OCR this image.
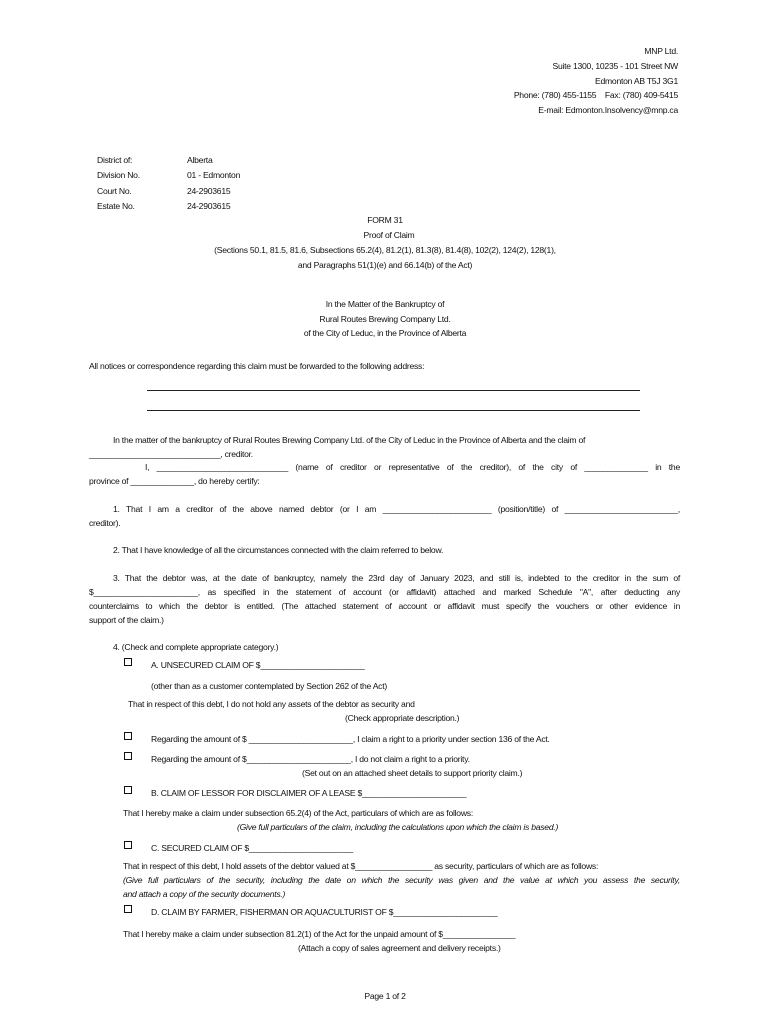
MNP Ltd.
Suite 1300, 10235 - 101 Street NW
Edmonton AB T5J 3G1
Phone: (780) 455-1155    Fax: (780) 409-5415
E-mail: Edmonton.Insolvency@mnp.ca
District of:	Alberta
Division No.	01 - Edmonton
Court No.	24-2903615
Estate No.	24-2903615
FORM 31
Proof of Claim
(Sections 50.1, 81.5, 81.6, Subsections 65.2(4), 81.2(1), 81.3(8), 81.4(8), 102(2), 124(2), 128(1),
and Paragraphs 51(1)(e) and 66.14(b) of the Act)
In the Matter of the Bankruptcy of
Rural Routes Brewing Company Ltd.
of the City of Leduc, in the Province of Alberta
All notices or correspondence regarding this claim must be forwarded to the following address:
In the matter of the bankruptcy of Rural Routes Brewing Company Ltd. of the City of Leduc in the Province of Alberta and the claim of
_____________________________, creditor.
I, _____________________________ (name of creditor or representative of the creditor), of the city of ______________ in the
province of ______________, do hereby certify:
1. That I am a creditor of the above named debtor (or I am ________________________ (position/title) of _________________________,
creditor).
2. That I have knowledge of all the circumstances connected with the claim referred to below.
3. That the debtor was, at the date of bankruptcy, namely the 23rd day of January 2023, and still is, indebted to the creditor in the sum of
$_______________________, as specified in the statement of account (or affidavit) attached and marked Schedule "A", after deducting any
counterclaims to which the debtor is entitled. (The attached statement of account or affidavit must specify the vouchers or other evidence in
support of the claim.)
4. (Check and complete appropriate category.)
A. UNSECURED CLAIM OF $_______________________
(other than as a customer contemplated by Section 262 of the Act)
That in respect of this debt, I do not hold any assets of the debtor as security and
(Check appropriate description.)
Regarding the amount of $ _______________________, I claim a right to a priority under section 136 of the Act.
Regarding the amount of $_______________________, I do not claim a right to a priority.
(Set out on an attached sheet details to support priority claim.)
B. CLAIM OF LESSOR FOR DISCLAIMER OF A LEASE $_______________________
That I hereby make a claim under subsection 65.2(4) of the Act, particulars of which are as follows:
(Give full particulars of the claim, including the calculations upon which the claim is based.)
C. SECURED CLAIM OF $_______________________
That in respect of this debt, I hold assets of the debtor valued at $_________________ as security, particulars of which are as follows:
(Give full particulars of the security, including the date on which the security was given and the value at which you assess the security,
and attach a copy of the security documents.)
D. CLAIM BY FARMER, FISHERMAN OR AQUACULTURIST OF $_______________________
That I hereby make a claim under subsection 81.2(1) of the Act for the unpaid amount of $________________
(Attach a copy of sales agreement and delivery receipts.)
Page 1 of 2
